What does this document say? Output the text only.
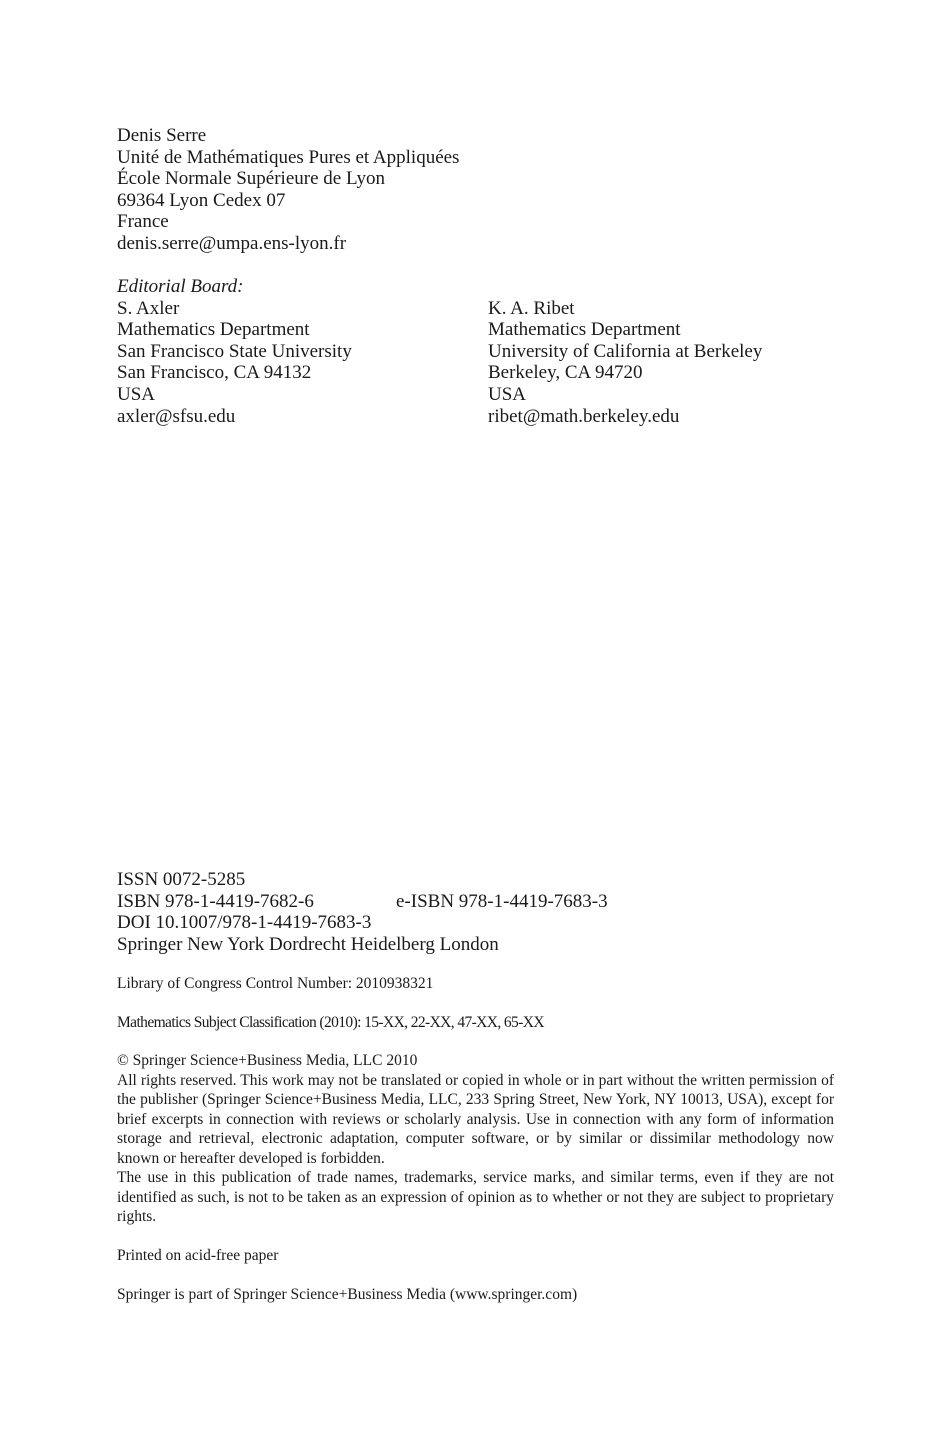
Denis Serre
Unité de Mathématiques Pures et Appliquées
École Normale Supérieure de Lyon
69364 Lyon Cedex 07
France
denis.serre@umpa.ens-lyon.fr
Editorial Board:
S. Axler
Mathematics Department
San Francisco State University
San Francisco, CA 94132
USA
axler@sfsu.edu
K. A. Ribet
Mathematics Department
University of California at Berkeley
Berkeley, CA 94720
USA
ribet@math.berkeley.edu
ISSN 0072-5285
ISBN 978-1-4419-7682-6	e-ISBN 978-1-4419-7683-3
DOI 10.1007/978-1-4419-7683-3
Springer New York Dordrecht Heidelberg London
Library of Congress Control Number: 2010938321
Mathematics Subject Classification (2010): 15-XX, 22-XX, 47-XX, 65-XX
© Springer Science+Business Media, LLC 2010
All rights reserved. This work may not be translated or copied in whole or in part without the written permission of the publisher (Springer Science+Business Media, LLC, 233 Spring Street, New York, NY 10013, USA), except for brief excerpts in connection with reviews or scholarly analysis. Use in connection with any form of information storage and retrieval, electronic adaptation, computer software, or by similar or dissimilar methodology now known or hereafter developed is forbidden.
The use in this publication of trade names, trademarks, service marks, and similar terms, even if they are not identified as such, is not to be taken as an expression of opinion as to whether or not they are subject to proprietary rights.
Printed on acid-free paper
Springer is part of Springer Science+Business Media (www.springer.com)
